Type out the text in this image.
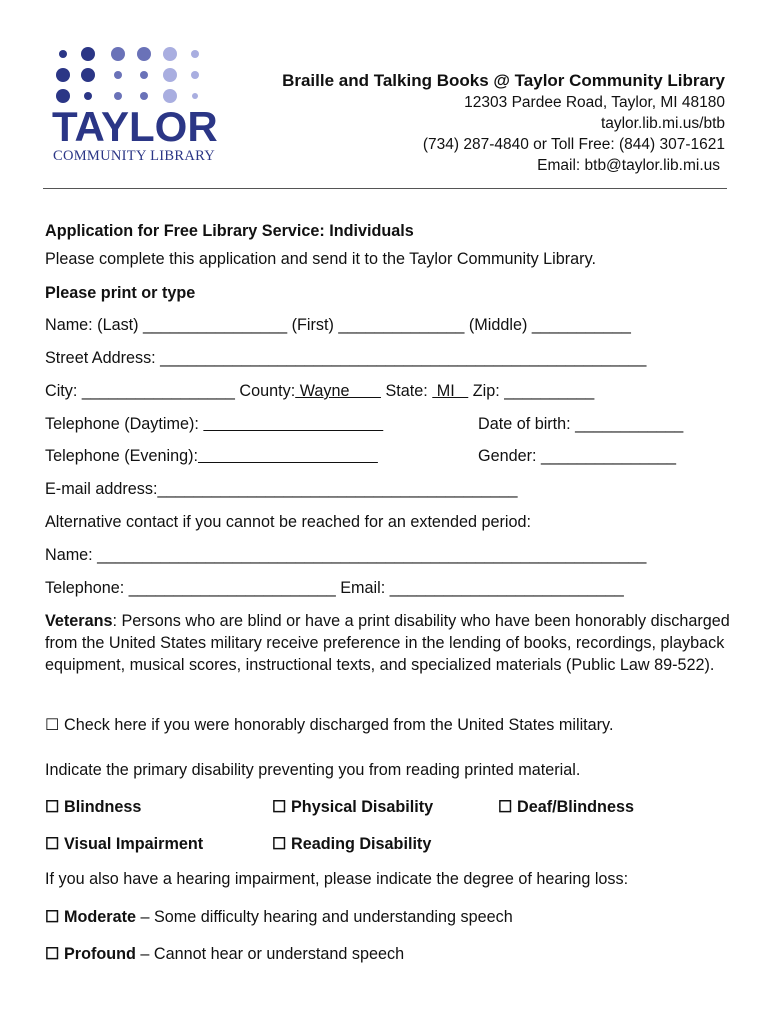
TAYLOR
COMMUNITY LIBRARY
Braille and Talking Books @ Taylor Community Library
12303 Pardee Road, Taylor, MI 48180
taylor.lib.mi.us/btb
(734) 287-4840 or Toll Free: (844) 307-1621
Email: btb@taylor.lib.mi.us
Application for Free Library Service: Individuals
Please complete this application and send it to the Taylor Community Library.
Please print or type
Name: (Last) ________________ (First) ______________ (Middle) ___________
Street Address: ______________________________________________________
City: _________________ County: Wayne        State:  MI    Zip: __________
Telephone (Daytime):	Date of birth: ____________
Telephone (Evening):	Gender: _______________
E-mail address:________________________________________
Alternative contact if you cannot be reached for an extended period:
Name: _____________________________________________________________
Telephone: _______________________ Email: __________________________
Veterans: Persons who are blind or have a print disability who have been honorably discharged from the United States military receive preference in the lending of books, recordings, playback equipment, musical scores, instructional texts, and specialized materials (Public Law 89-522).
☐ Check here if you were honorably discharged from the United States military.
Indicate the primary disability preventing you from reading printed material.
☐ Blindness	☐ Physical Disability	☐ Deaf/Blindness
☐ Visual Impairment	☐ Reading Disability
If you also have a hearing impairment, please indicate the degree of hearing loss:
☐ Moderate – Some difficulty hearing and understanding speech
☐ Profound – Cannot hear or understand speech
